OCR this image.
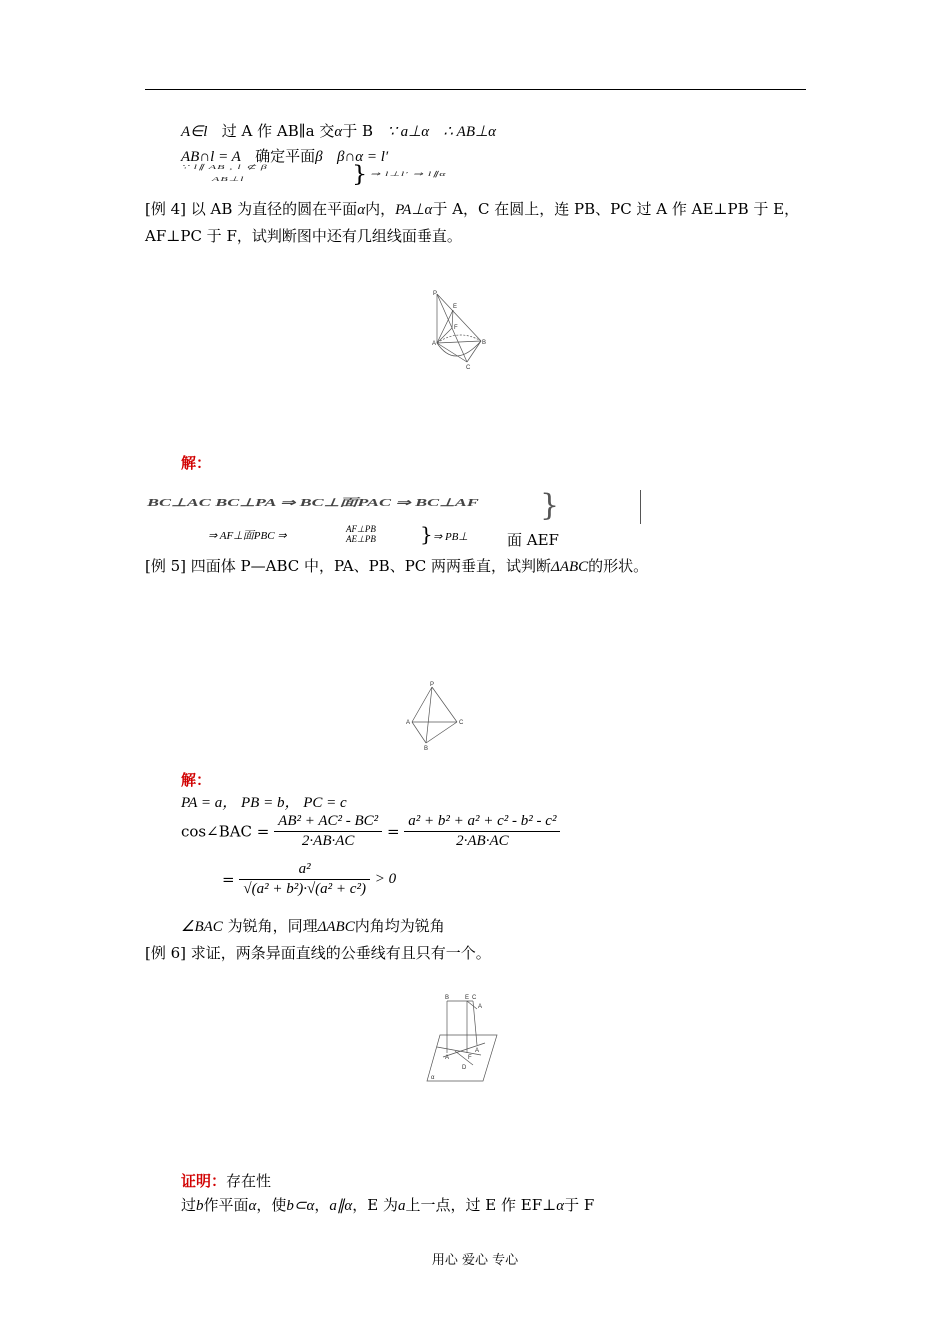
A∈l 过 A 作 AB∥a 交α于 B ∵ a⊥α ∴ AB⊥α
AB∩l = A 确定平面β β∩α = l′
∵ l∥ AB , l ⊄ β
AB⊥l	} ⇒ l⊥l′ ⇒ l∥α
[例 4] 以 AB 为直径的圆在平面α内，PA⊥α于 A，C 在圆上，连 PB、PC 过 A 作 AE⊥PB 于 E，AF⊥PC 于 F，试判断图中还有几组线面垂直。
P
E
F
A	B
C
解：
BC⊥AC BC⊥PA ⇒ BC⊥面PAC ⇒ BC⊥AF }
⇒ AF⊥面PBC ⇒
AF⊥PB
AE⊥PB } ⇒ PB⊥	面 AEF
[例 5] 四面体 P—ABC 中，PA、PB、PC 两两垂直，试判断ΔABC的形状。
P
A
B
C
解：
PA = a， PB = b， PC = c
cos∠BAC = $\frac{\text{AB² + AC² - BC²}}{2\cdot AB\cdot AC} = \frac{\text{a² + b² + a² + c² - b² - c²}}{2\cdot AB\cdot AC}$
= $\frac{\text{a²}}{\text{√(a² + b²)·√(a² + c²)}} > 0$
∠BAC 为锐角，同理ΔABC内角均为锐角
[例 6] 求证，两条异面直线的公垂线有且只有一个。
B	E C
A
A
A
F
D
α
证明：存在性
过b作平面α，使b⊂α，a∥α，E 为a上一点，过 E 作 EF⊥α于 F
用心 爱心 专心
